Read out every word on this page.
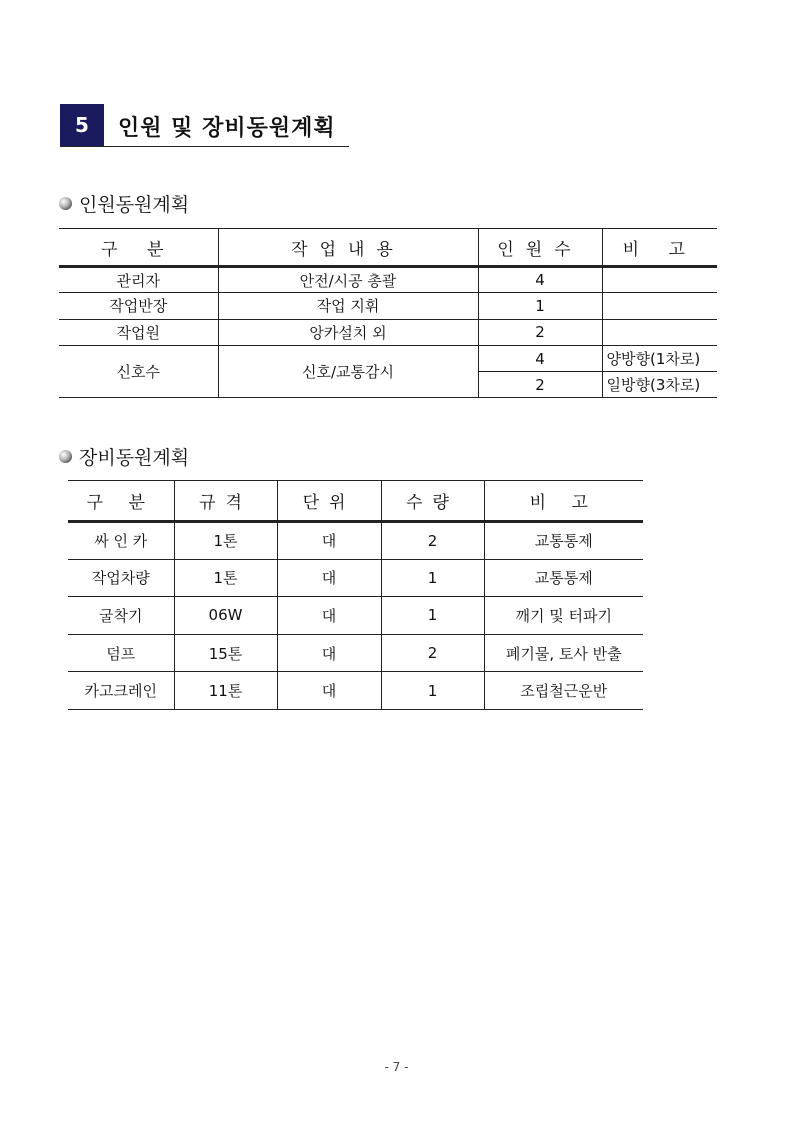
5	인원 및 장비동원계획
인원동원계획
구 분	작업내용	인원수	비 고
관리자	안전/시공 총괄	4	
작업반장	작업 지휘	1	
작업원	앙카설치 외	2	
신호수	신호/교통감시	4	양방향(1차로)
		2	일방향(3차로)
장비동원계획
구 분	규격	단위	수량	비 고
싸 인 카	1톤	대	2	교통통제
작업차량	1톤	대	1	교통통제
굴착기	06W	대	1	깨기 및 터파기
덤프	15톤	대	2	폐기물, 토사 반출
카고크레인	11톤	대	1	조립철근운반
- 7 -
